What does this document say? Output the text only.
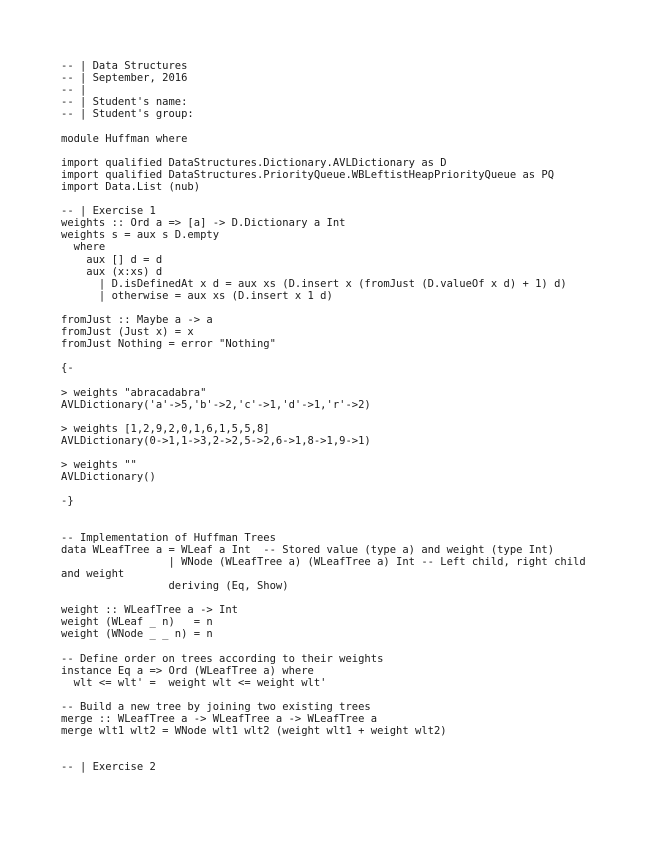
-- | Data Structures
-- | September, 2016
-- |
-- | Student's name:
-- | Student's group:
module Huffman where
import qualified DataStructures.Dictionary.AVLDictionary as D
import qualified DataStructures.PriorityQueue.WBLeftistHeapPriorityQueue as PQ
import Data.List (nub)
-- | Exercise 1
weights :: Ord a => [a] -> D.Dictionary a Int
weights s = aux s D.empty
where
aux [] d = d
aux (x:xs) d
| D.isDefinedAt x d = aux xs (D.insert x (fromJust (D.valueOf x d) + 1) d)
| otherwise = aux xs (D.insert x 1 d)
fromJust :: Maybe a -> a
fromJust (Just x) = x
fromJust Nothing = error "Nothing"
{-
> weights "abracadabra"
AVLDictionary('a'->5,'b'->2,'c'->1,'d'->1,'r'->2)
> weights [1,2,9,2,0,1,6,1,5,5,8]
AVLDictionary(0->1,1->3,2->2,5->2,6->1,8->1,9->1)
> weights ""
AVLDictionary()
-}
-- Implementation of Huffman Trees
data WLeafTree a = WLeaf a Int  -- Stored value (type a) and weight (type Int)
| WNode (WLeafTree a) (WLeafTree a) Int -- Left child, right child
and weight
deriving (Eq, Show)
weight :: WLeafTree a -> Int
weight (WLeaf _ n)   = n
weight (WNode _ _ n) = n
-- Define order on trees according to their weights
instance Eq a => Ord (WLeafTree a) where
wlt <= wlt' =  weight wlt <= weight wlt'
-- Build a new tree by joining two existing trees
merge :: WLeafTree a -> WLeafTree a -> WLeafTree a
merge wlt1 wlt2 = WNode wlt1 wlt2 (weight wlt1 + weight wlt2)
-- | Exercise 2
